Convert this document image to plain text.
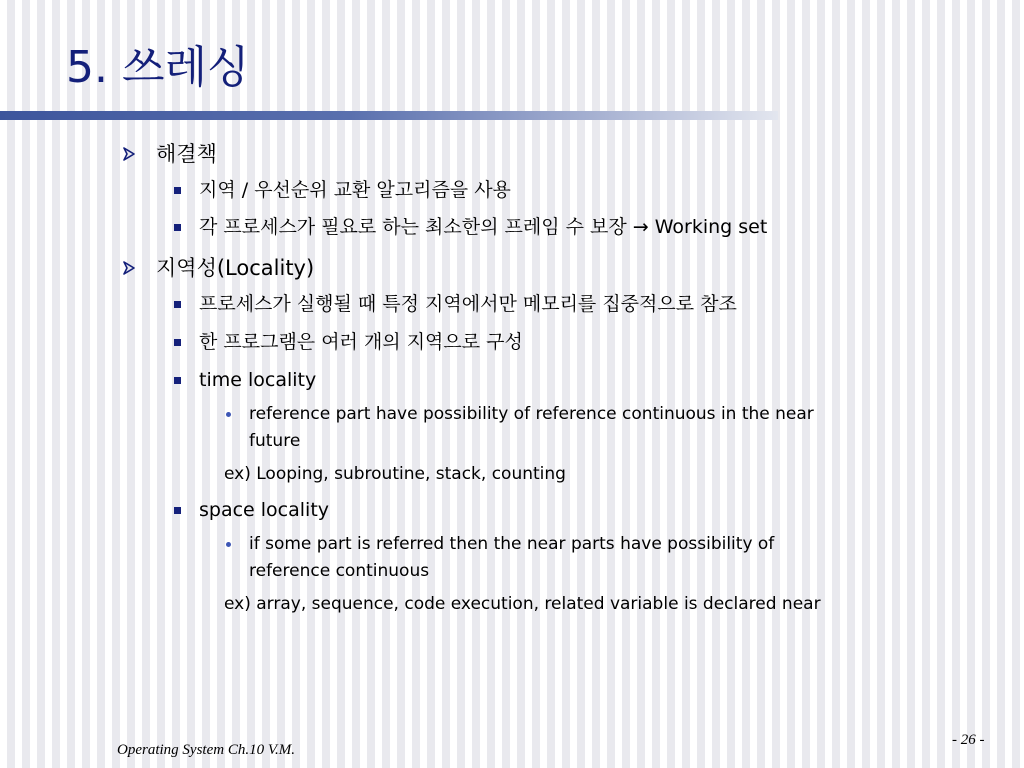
5. 쓰레싱
해결책
지역 / 우선순위 교환 알고리즘을 사용
각 프로세스가 필요로 하는 최소한의 프레임 수 보장 → Working set
지역성(Locality)
프로세스가 실행될 때 특정 지역에서만 메모리를 집중적으로 참조
한 프로그램은 여러 개의 지역으로 구성
time locality
reference part have possibility of reference continuous in the near
future
ex) Looping, subroutine, stack, counting
space locality
if some part is referred then the near parts have possibility of
reference continuous
ex) array, sequence, code execution, related variable is declared near
- 26 -
Operating System Ch.10 V.M.
